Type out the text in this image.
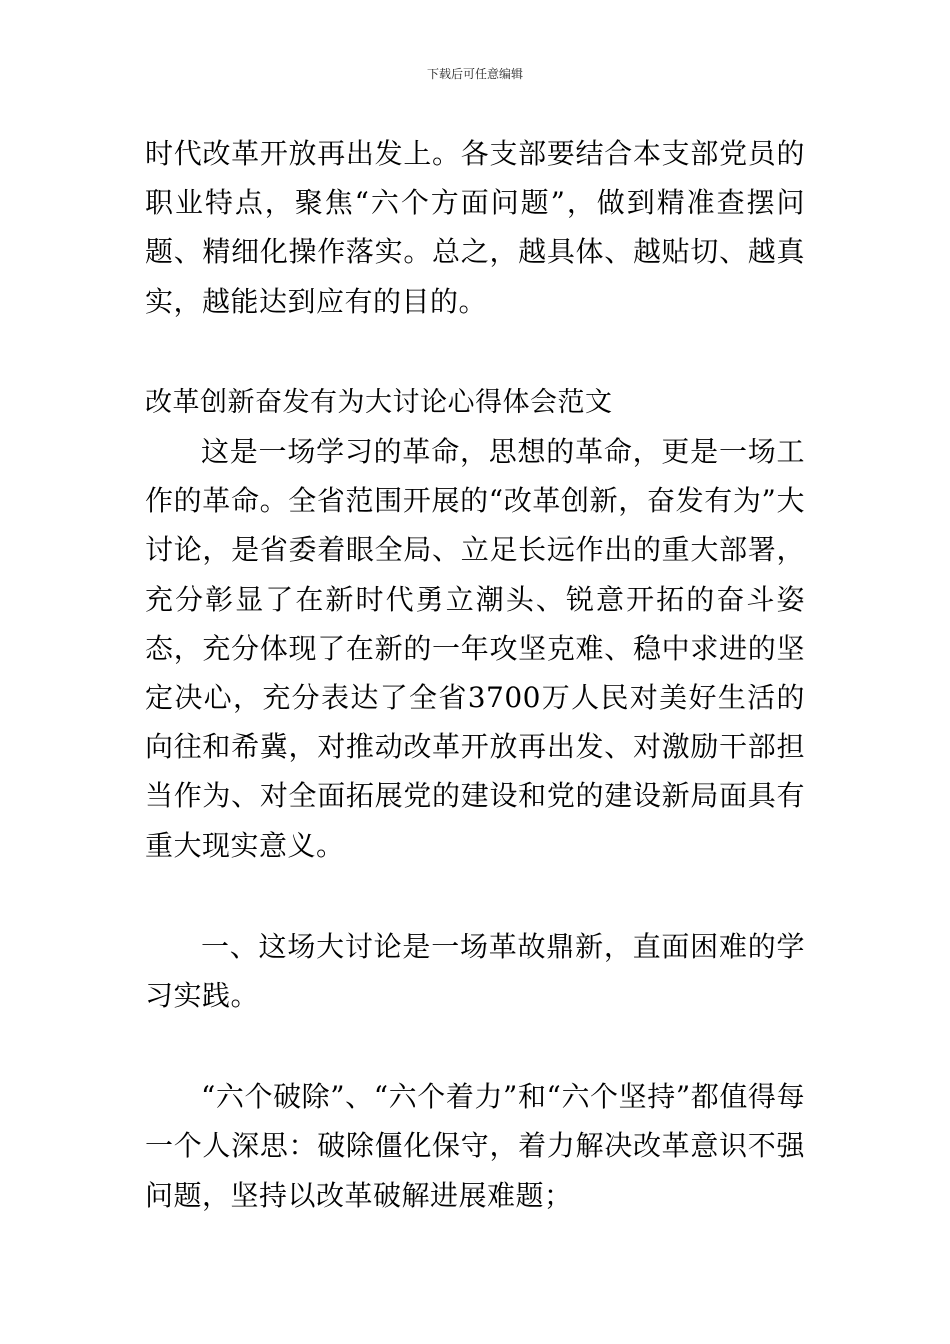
下载后可任意编辑

时代改革开放再出发上。各支部要结合本支部党员的职业特点，聚焦“六个方面问题”，做到精准查摆问题、精细化操作落实。总之，越具体、越贴切、越真实，越能达到应有的目的。

改革创新奋发有为大讨论心得体会范文

这是一场学习的革命，思想的革命，更是一场工作的革命。全省范围开展的“改革创新，奋发有为”大讨论，是省委着眼全局、立足长远作出的重大部署，充分彰显了在新时代勇立潮头、锐意开拓的奋斗姿态，充分体现了在新的一年攻坚克难、稳中求进的坚定决心，充分表达了全省3700万人民对美好生活的向往和希冀，对推动改革开放再出发、对激励干部担当作为、对全面拓展党的建设和党的建设新局面具有重大现实意义。

一、这场大讨论是一场革故鼎新，直面困难的学习实践。

“六个破除”、“六个着力”和“六个坚持”都值得每一个人深思：破除僵化保守，着力解决改革意识不强问题，坚持以改革破解进展难题；
